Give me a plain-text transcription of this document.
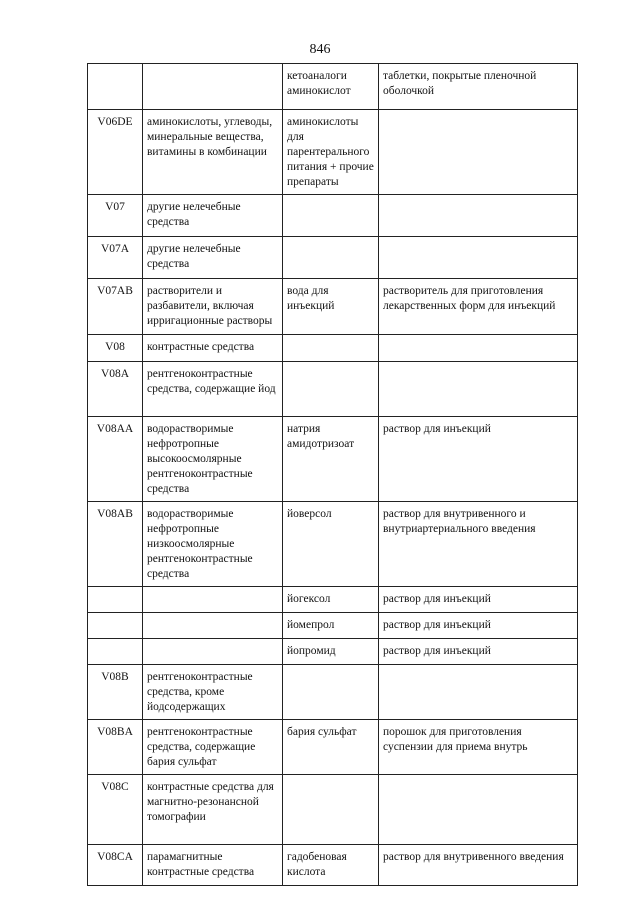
846
		кетоаналоги аминокислот	таблетки, покрытые пленочной оболочкой
V06DE	аминокислоты, углеводы, минеральные вещества, витамины в комбинации	аминокислоты для парентерального питания + прочие препараты	
V07	другие нелечебные средства		
V07A	другие нелечебные средства		
V07AB	растворители и разбавители, включая ирригационные растворы	вода для инъекций	растворитель для приготовления лекарственных форм для инъекций
V08	контрастные средства		
V08A	рентгеноконтрастные средства, содержащие йод		
V08AA	водорастворимые нефротропные высокоосмолярные рентгеноконтрастные средства	натрия амидотризоат	раствор для инъекций
V08AB	водорастворимые нефротропные низкоосмолярные рентгеноконтрастные средства	йоверсол	раствор для внутривенного и внутриартериального введения
		йогексол	раствор для инъекций
		йомепрол	раствор для инъекций
		йопромид	раствор для инъекций
V08B	рентгеноконтрастные средства, кроме йодсодержащих		
V08BA	рентгеноконтрастные средства, содержащие бария сульфат	бария сульфат	порошок для приготовления суспензии для приема внутрь
V08C	контрастные средства для магнитно-резонансной томографии		
V08CA	парамагнитные контрастные средства	гадобеновая кислота	раствор для внутривенного введения
